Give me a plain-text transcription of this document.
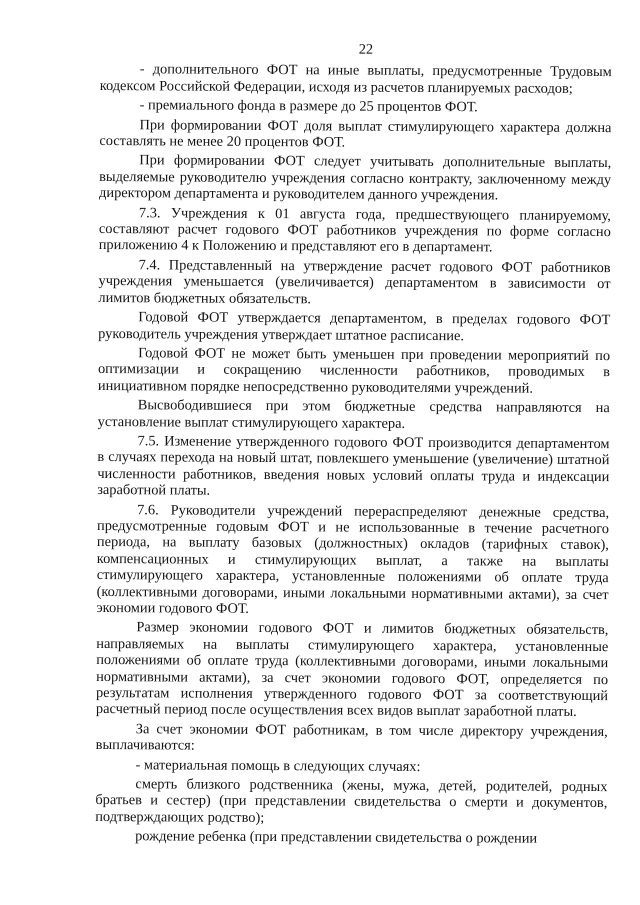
22

- дополнительного ФОТ на иные выплаты, предусмотренные Трудовым кодексом Российской Федерации, исходя из расчетов планируемых расходов;

- премиального фонда в размере до 25 процентов ФОТ.

При формировании ФОТ доля выплат стимулирующего характера должна составлять не менее 20 процентов ФОТ.

При формировании ФОТ следует учитывать дополнительные выплаты, выделяемые руководителю учреждения согласно контракту, заключенному между директором департамента и руководителем данного учреждения.

7.3. Учреждения к 01 августа года, предшествующего планируемому, составляют расчет годового ФОТ работников учреждения по форме согласно приложению 4 к Положению и представляют его в департамент.

7.4. Представленный на утверждение расчет годового ФОТ работников учреждения уменьшается (увеличивается) департаментом в зависимости от лимитов бюджетных обязательств.

Годовой ФОТ утверждается департаментом, в пределах годового ФОТ руководитель учреждения утверждает штатное расписание.

Годовой ФОТ не может быть уменьшен при проведении мероприятий по оптимизации и сокращению численности работников, проводимых в инициативном порядке непосредственно руководителями учреждений.

Высвободившиеся при этом бюджетные средства направляются на установление выплат стимулирующего характера.

7.5. Изменение утвержденного годового ФОТ производится департаментом в случаях перехода на новый штат, повлекшего уменьшение (увеличение) штатной численности работников, введения новых условий оплаты труда и индексации заработной платы.

7.6. Руководители учреждений перераспределяют денежные средства, предусмотренные годовым ФОТ и не использованные в течение расчетного периода, на выплату базовых (должностных) окладов (тарифных ставок), компенсационных и стимулирующих выплат, а также на выплаты стимулирующего характера, установленные положениями об оплате труда (коллективными договорами, иными локальными нормативными актами), за счет экономии годового ФОТ.

Размер экономии годового ФОТ и лимитов бюджетных обязательств, направляемых на выплаты стимулирующего характера, установленные положениями об оплате труда (коллективными договорами, иными локальными нормативными актами), за счет экономии годового ФОТ, определяется по результатам исполнения утвержденного годового ФОТ за соответствующий расчетный период после осуществления всех видов выплат заработной платы.

За счет экономии ФОТ работникам, в том числе директору учреждения, выплачиваются:

- материальная помощь в следующих случаях:

смерть близкого родственника (жены, мужа, детей, родителей, родных братьев и сестер) (при представлении свидетельства о смерти и документов, подтверждающих родство);

рождение ребенка (при представлении свидетельства о рождении
